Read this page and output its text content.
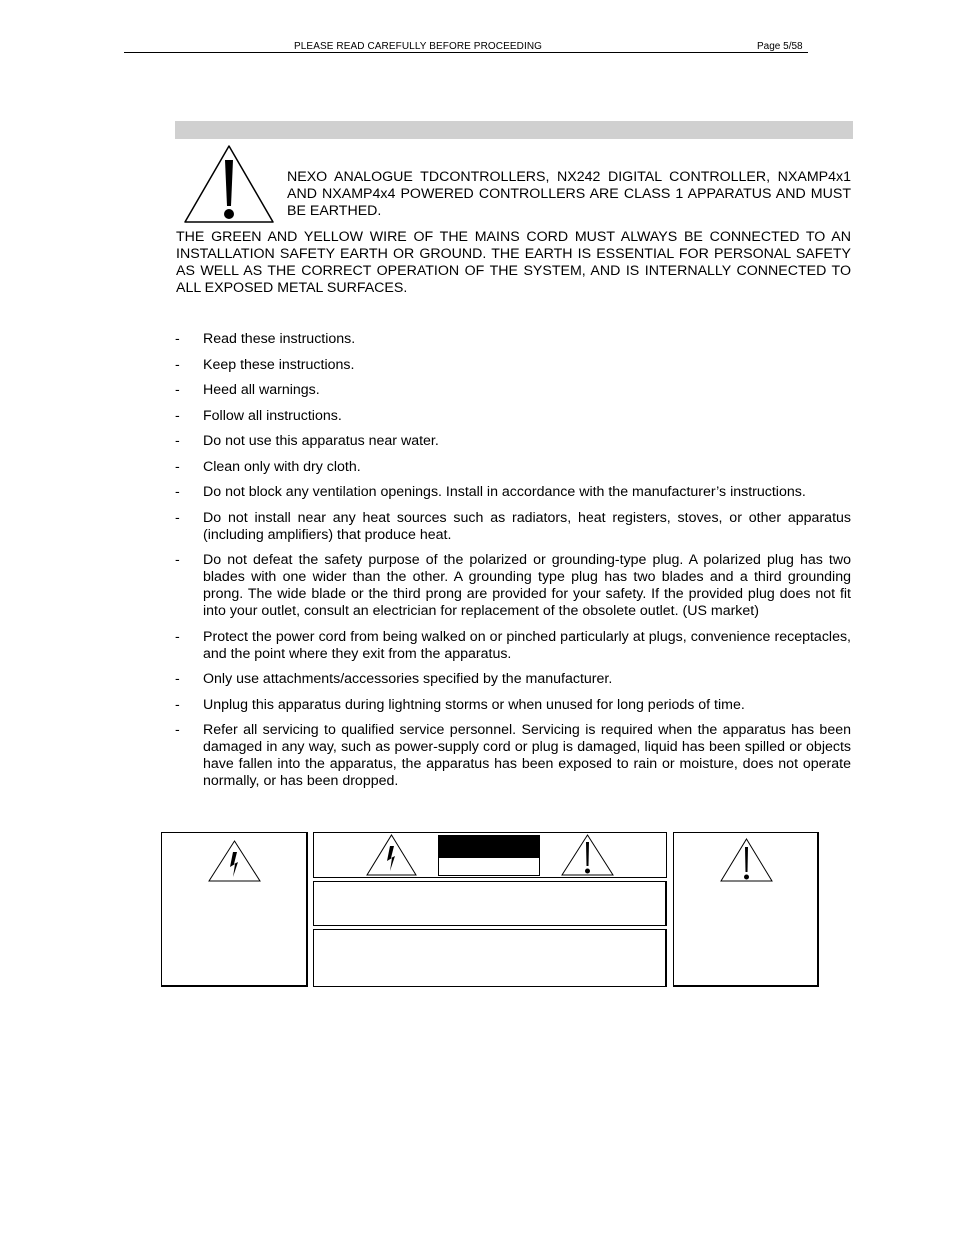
PLEASE READ CAREFULLY BEFORE PROCEEDING	Page 5/58
NEXO ANALOGUE TDCONTROLLERS, NX242 DIGITAL CONTROLLER, NXAMP4x1 AND NXAMP4x4 POWERED CONTROLLERS ARE CLASS 1 APPARATUS AND MUST BE EARTHED.
THE GREEN AND YELLOW WIRE OF THE MAINS CORD MUST ALWAYS BE CONNECTED TO AN INSTALLATION SAFETY EARTH OR GROUND. THE EARTH IS ESSENTIAL FOR PERSONAL SAFETY AS WELL AS THE CORRECT OPERATION OF THE SYSTEM, AND IS INTERNALLY CONNECTED TO ALL EXPOSED METAL SURFACES.
- Read these instructions.
- Keep these instructions.
- Heed all warnings.
- Follow all instructions.
- Do not use this apparatus near water.
- Clean only with dry cloth.
- Do not block any ventilation openings. Install in accordance with the manufacturer’s instructions.
- Do not install near any heat sources such as radiators, heat registers, stoves, or other apparatus (including amplifiers) that produce heat.
- Do not defeat the safety purpose of the polarized or grounding-type plug. A polarized plug has two blades with one wider than the other. A grounding type plug has two blades and a third grounding prong. The wide blade or the third prong are provided for your safety. If the provided plug does not fit into your outlet, consult an electrician for replacement of the obsolete outlet. (US market)
- Protect the power cord from being walked on or pinched particularly at plugs, convenience receptacles, and the point where they exit from the apparatus.
- Only use attachments/accessories specified by the manufacturer.
- Unplug this apparatus during lightning storms or when unused for long periods of time.
- Refer all servicing to qualified service personnel. Servicing is required when the apparatus has been damaged in any way, such as power-supply cord or plug is damaged, liquid has been spilled or objects have fallen into the apparatus, the apparatus has been exposed to rain or moisture, does not operate normally, or has been dropped.
